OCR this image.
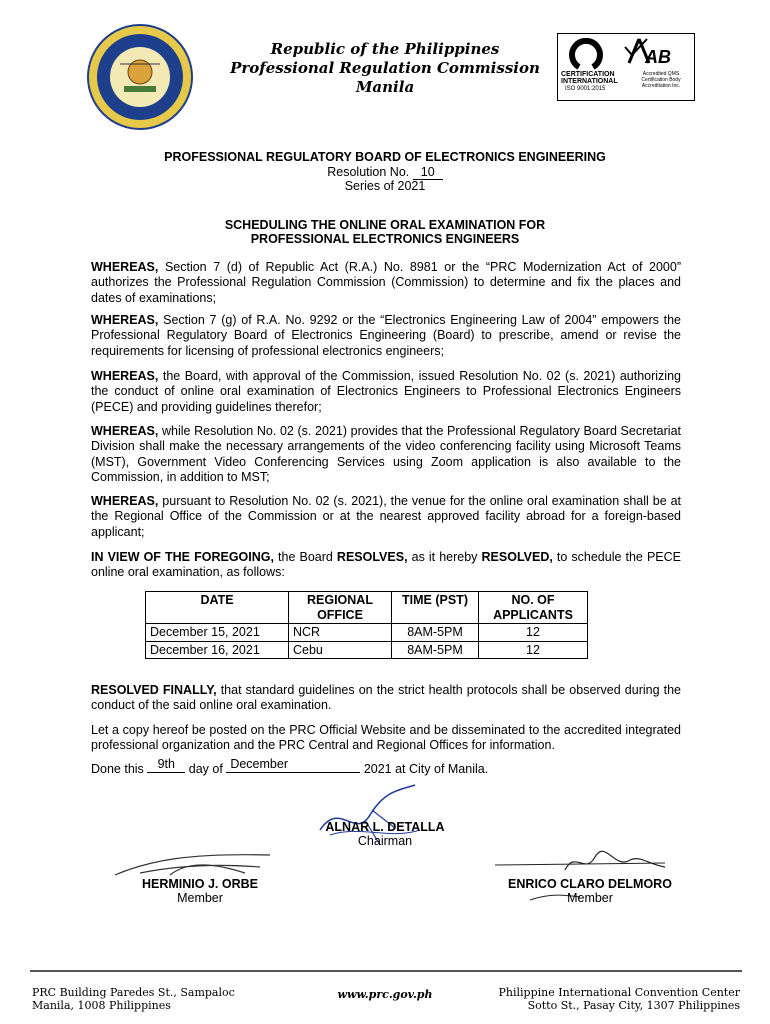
Republic of the Philippines
Professional Regulation Commission
Manila
CERTIFICATION
INTERNATIONAL
ISO 9001:2015
AB
Accredited QMS Certification Body Accreditation Inc.
PROFESSIONAL REGULATORY BOARD OF ELECTRONICS ENGINEERING
Resolution No. 10
Series of 2021
SCHEDULING THE ONLINE ORAL EXAMINATION FOR
PROFESSIONAL ELECTRONICS ENGINEERS
WHEREAS, Section 7 (d) of Republic Act (R.A.) No. 8981 or the “PRC Modernization Act of 2000” authorizes the Professional Regulation Commission (Commission) to determine and fix the places and dates of examinations;
WHEREAS, Section 7 (g) of R.A. No. 9292 or the “Electronics Engineering Law of 2004” empowers the Professional Regulatory Board of Electronics Engineering (Board) to prescribe, amend or revise the requirements for licensing of professional electronics engineers;
WHEREAS, the Board, with approval of the Commission, issued Resolution No. 02 (s. 2021) authorizing the conduct of online oral examination of Electronics Engineers to Professional Electronics Engineers (PECE) and providing guidelines therefor;
WHEREAS, while Resolution No. 02 (s. 2021) provides that the Professional Regulatory Board Secretariat Division shall make the necessary arrangements of the video conferencing facility using Microsoft Teams (MST), Government Video Conferencing Services using Zoom application is also available to the Commission, in addition to MST;
WHEREAS, pursuant to Resolution No. 02 (s. 2021), the venue for the online oral examination shall be at the Regional Office of the Commission or at the nearest approved facility abroad for a foreign-based applicant;
IN VIEW OF THE FOREGOING, the Board RESOLVES, as it hereby RESOLVED, to schedule the PECE online oral examination, as follows:
DATE	REGIONAL OFFICE	TIME (PST)	NO. OF APPLICANTS
December 15, 2021	NCR	8AM-5PM	12
December 16, 2021	Cebu	8AM-5PM	12
RESOLVED FINALLY, that standard guidelines on the strict health protocols shall be observed during the conduct of the said online oral examination.
Let a copy hereof be posted on the PRC Official Website and be disseminated to the accredited integrated professional organization and the PRC Central and Regional Offices for information.
Done this 9th day of December	2021 at City of Manila.
ALNAR L. DETALLA
Chairman
HERMINIO J. ORBE
Member
ENRICO CLARO DELMORO
Member
PRC Building Paredes St., Sampaloc
Manila, 1008 Philippines
www.prc.gov.ph	Philippine International Convention Center
Sotto St., Pasay City, 1307 Philippines
